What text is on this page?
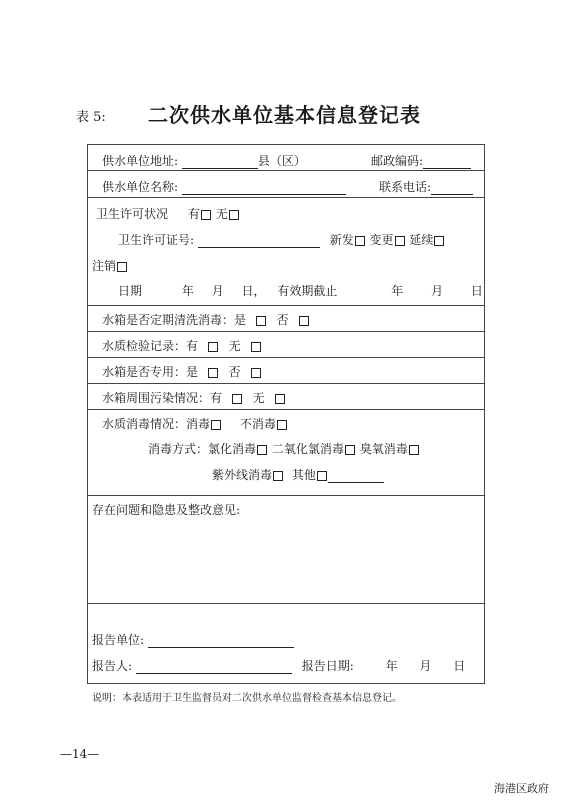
表 5: 二次供水单位基本信息登记表
供水单位地址:	县（区）	邮政编码:
供水单位名称:	联系电话:
卫生许可状况 有 无
卫生许可证号:	新发 变更 延续
注销
日期	年 月 日， 有效期截止	年 月 日
水箱是否定期清洗消毒：是	否
水质检验记录：有	无
水箱是否专用：是	否
水箱周围污染情况：有	无
水质消毒情况：消毒 不消毒
消毒方式：氯化消毒 二氧化氯消毒 臭氧消毒
紫外线消毒 其他
存在问题和隐患及整改意见:
报告单位:
报告人:	报告日期:	年 月 日
说明：本表适用于卫生监督员对二次供水单位监督检查基本信息登记。
—14—
海港区政府
